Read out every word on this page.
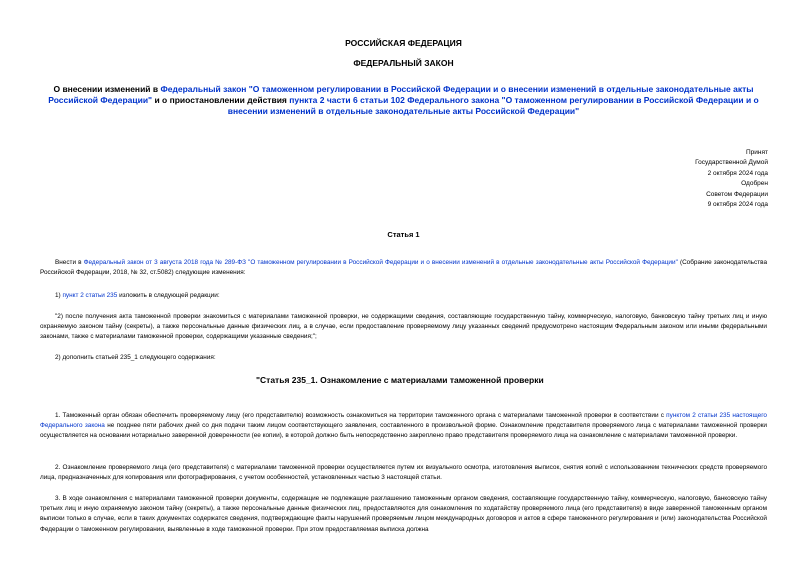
РОССИЙСКАЯ ФЕДЕРАЦИЯ
ФЕДЕРАЛЬНЫЙ ЗАКОН
О внесении изменений в Федеральный закон "О таможенном регулировании в Российской Федерации и о внесении изменений в отдельные законодательные акты Российской Федерации" и о приостановлении действия пункта 2 части 6 статьи 102 Федерального закона "О таможенном регулировании в Российской Федерации и о внесении изменений в отдельные законодательные акты Российской Федерации"
Принят
Государственной Думой
2 октября 2024 года
Одобрен
Советом Федерации
9 октября 2024 года
Статья 1
Внести в Федеральный закон от 3 августа 2018 года № 289-ФЗ "О таможенном регулировании в Российской Федерации и о внесении изменений в отдельные законодательные акты Российской Федерации" (Собрание законодательства Российской Федерации, 2018, № 32, ст.5082) следующие изменения:
1) пункт 2 статьи 235 изложить в следующей редакции:
"2) после получения акта таможенной проверки знакомиться с материалами таможенной проверки, не содержащими сведения, составляющие государственную тайну, коммерческую, налоговую, банковскую тайну третьих лиц и иную охраняемую законом тайну (секреты), а также персональные данные физических лиц, а в случае, если предоставление проверяемому лицу указанных сведений предусмотрено настоящим Федеральным законом или иными федеральными законами, также с материалами таможенной проверки, содержащими указанные сведения;";
2) дополнить статьей 235_1 следующего содержания:
"Статья 235_1. Ознакомление с материалами таможенной проверки
1. Таможенный орган обязан обеспечить проверяемому лицу (его представителю) возможность ознакомиться на территории таможенного органа с материалами таможенной проверки в соответствии с пунктом 2 статьи 235 настоящего Федерального закона не позднее пяти рабочих дней со дня подачи таким лицом соответствующего заявления, составленного в произвольной форме. Ознакомление представителя проверяемого лица с материалами таможенной проверки осуществляется на основании нотариально заверенной доверенности (ее копии), в которой должно быть непосредственно закреплено право представителя проверяемого лица на ознакомление с материалами таможенной проверки.
2. Ознакомление проверяемого лица (его представителя) с материалами таможенной проверки осуществляется путем их визуального осмотра, изготовления выписок, снятия копий с использованием технических средств проверяемого лица, предназначенных для копирования или фотографирования, с учетом особенностей, установленных частью 3 настоящей статьи.
3. В ходе ознакомления с материалами таможенной проверки документы, содержащие не подлежащие разглашению таможенным органом сведения, составляющие государственную тайну, коммерческую, налоговую, банковскую тайну третьих лиц и иную охраняемую законом тайну (секреты), а также персональные данные физических лиц, предоставляются для ознакомления по ходатайству проверяемого лица (его представителя) в виде заверенной таможенным органом выписки только в случае, если в таких документах содержатся сведения, подтверждающие факты нарушений проверяемым лицом международных договоров и актов в сфере таможенного регулирования и (или) законодательства Российской Федерации о таможенном регулировании, выявленные в ходе таможенной проверки. При этом предоставляемая выписка должна
